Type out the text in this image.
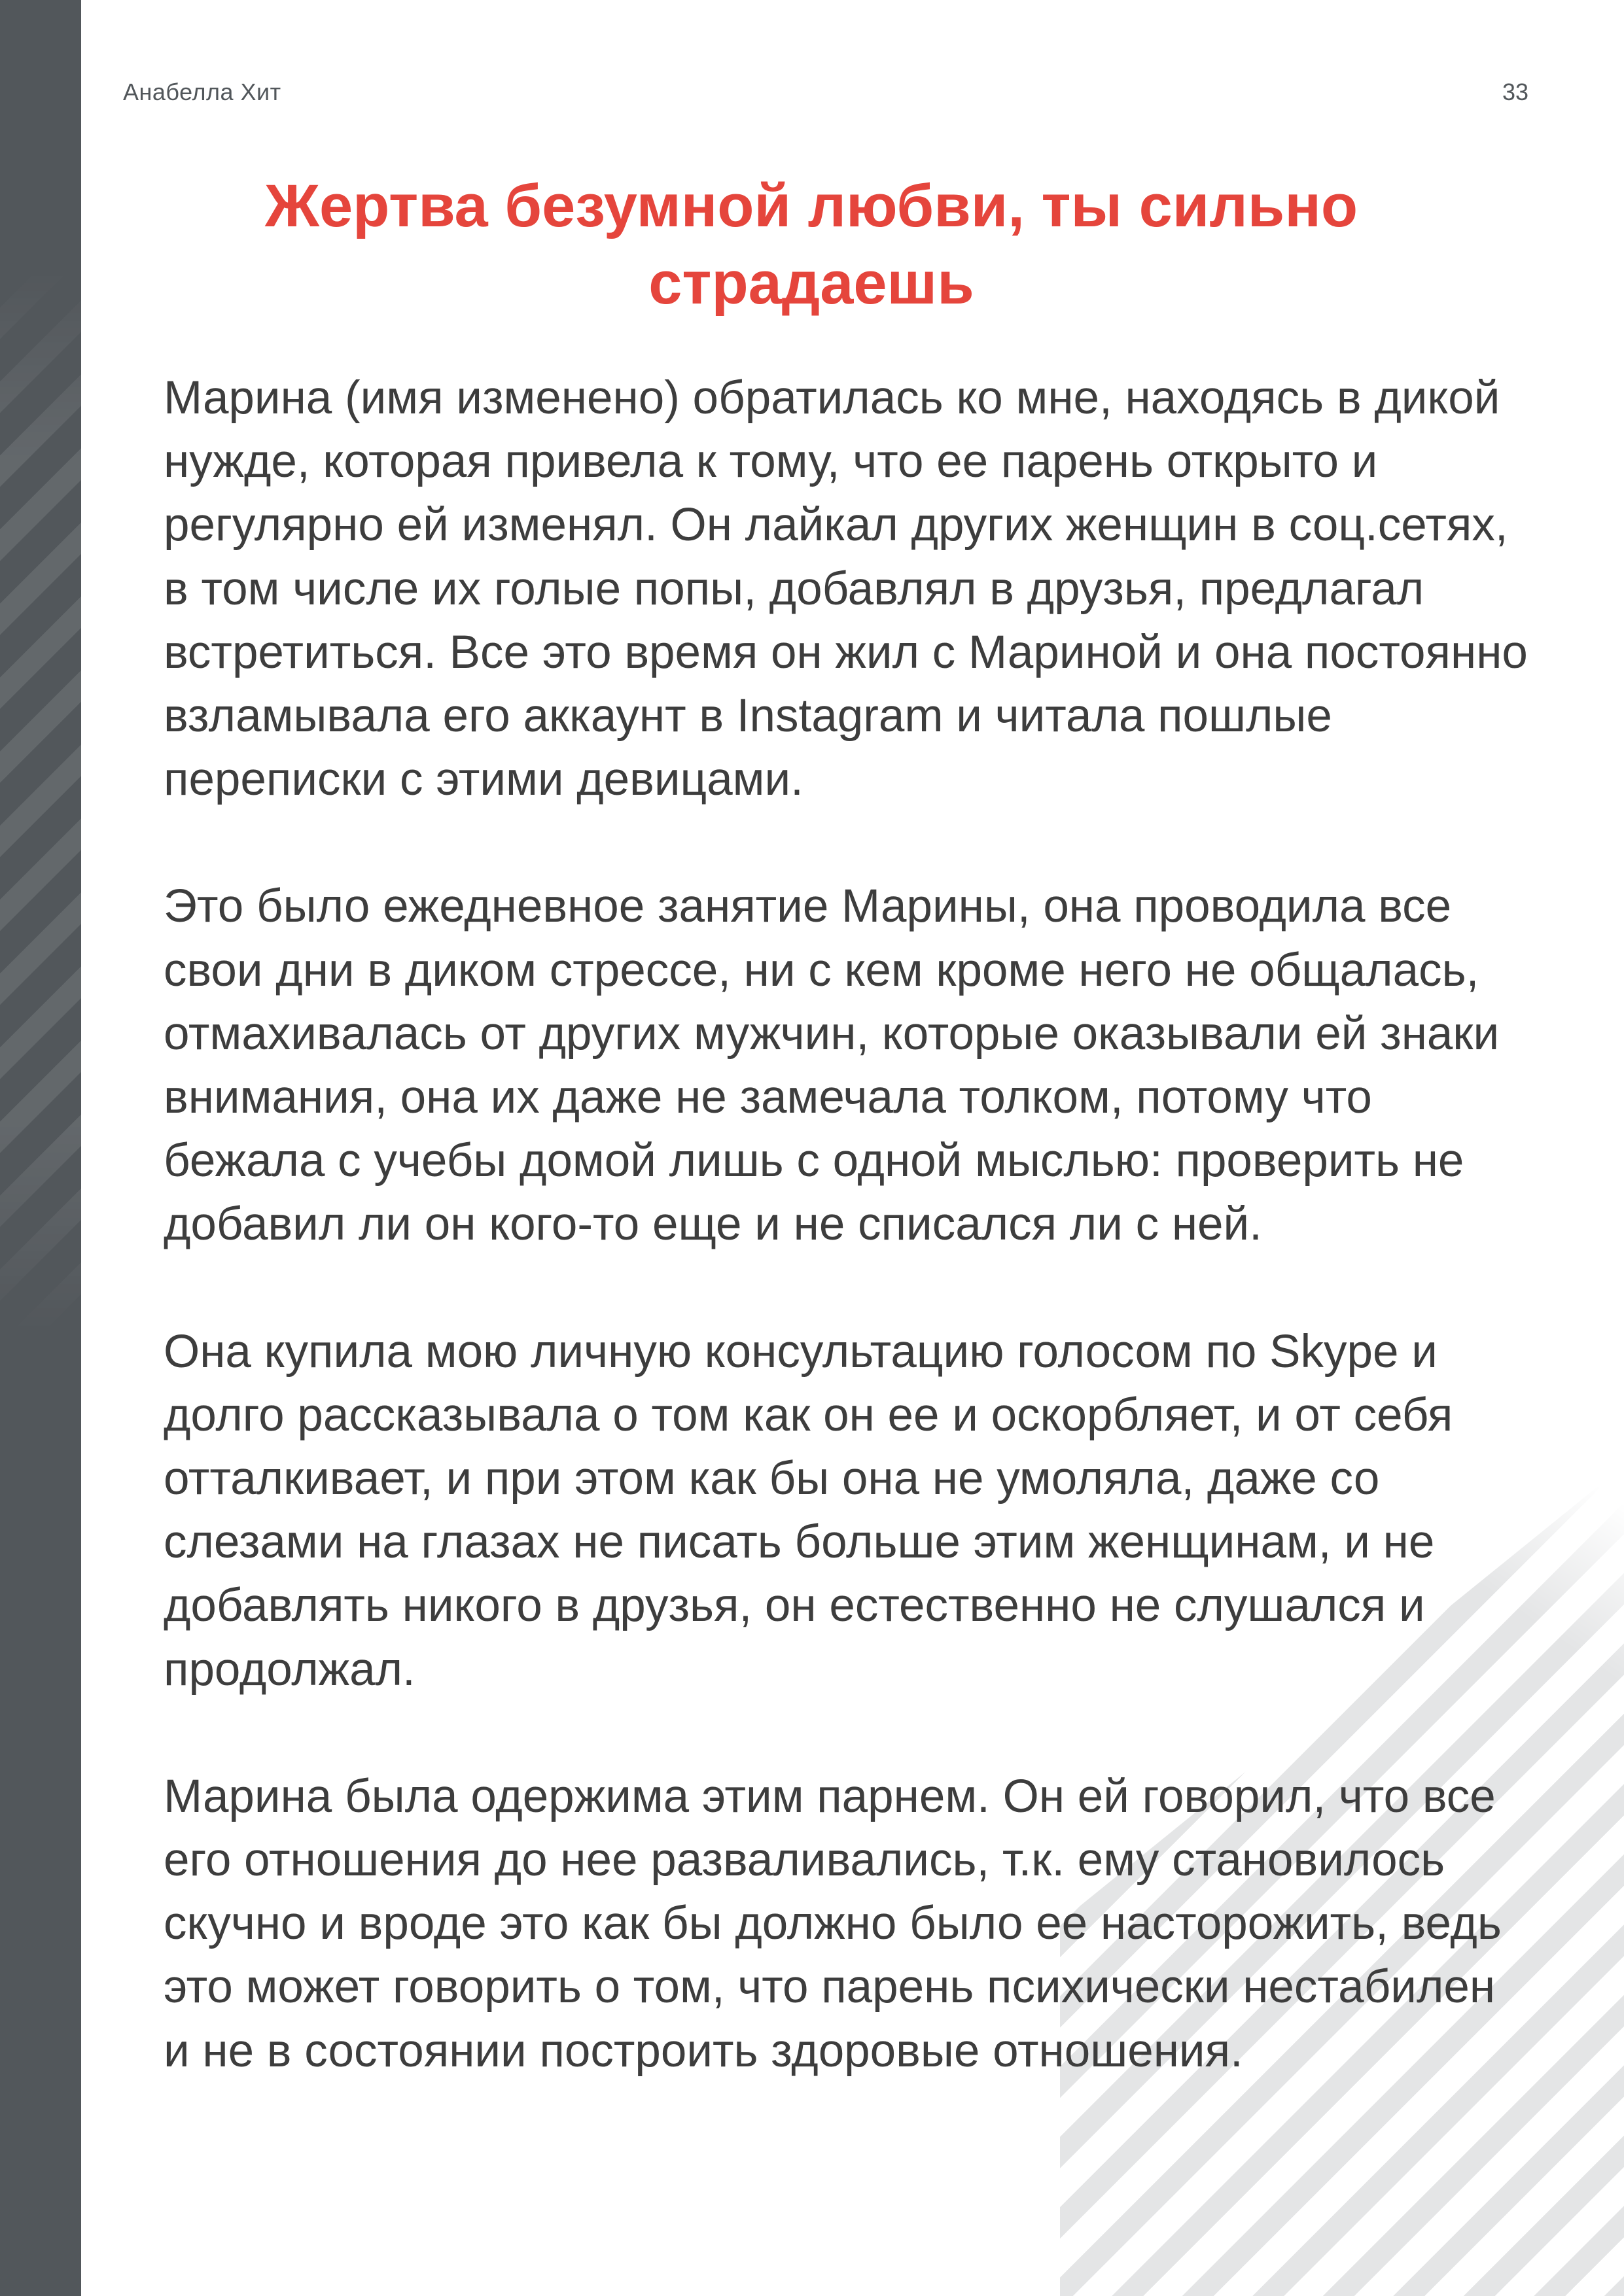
Анабелла Хит	33
Жертва безумной любви, ты сильно страдаешь

Марина (имя изменено) обратилась ко мне, находясь в дикой нужде, которая привела к тому, что ее парень открыто и регулярно ей изменял. Он лайкал других женщин в соц.сетях, в том числе их голые попы, добавлял в друзья, предлагал встретиться. Все это время он жил с Мариной и она постоянно взламывала его аккаунт в Instagram и читала пошлые переписки с этими девицами.

Это было ежедневное занятие Марины, она проводила все свои дни в диком стрессе, ни с кем кроме него не общалась, отмахивалась от других мужчин, которые оказывали ей знаки внимания, она их даже не замечала толком, потому что бежала с учебы домой лишь с одной мыслью: проверить не добавил ли он кого-то еще и не списался ли с ней.

Она купила мою личную консультацию голосом по Skype и долго рассказывала о том как он ее и оскорбляет, и от себя отталкивает, и при этом как бы она не умоляла, даже со слезами на глазах не писать больше этим женщинам, и не добавлять никого в друзья, он естественно не слушался и продолжал.

Марина была одержима этим парнем. Он ей говорил, что все его отношения до нее разваливались, т.к. ему становилось скучно и вроде это как бы должно было ее насторожить, ведь это может говорить о том, что парень психически нестабилен и не в состоянии построить здоровые отношения.
